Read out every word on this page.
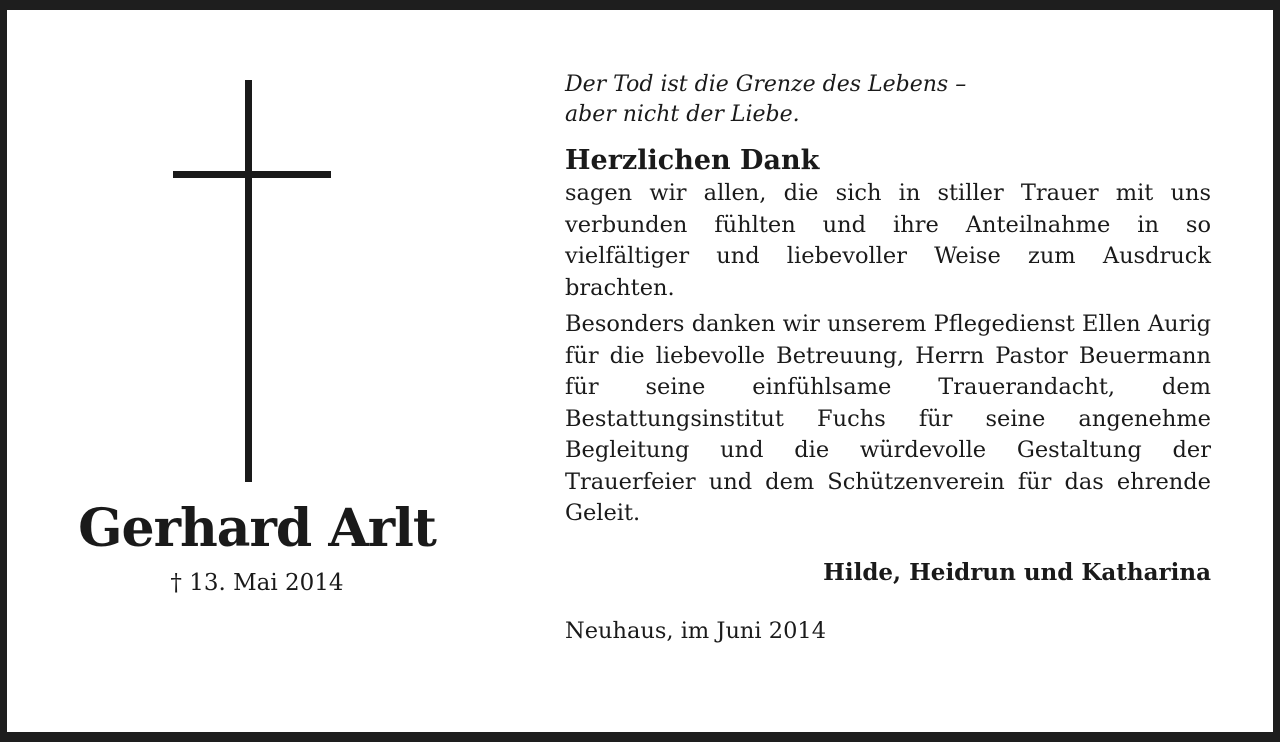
Gerhard Arlt
† 13. Mai 2014

Der Tod ist die Grenze des Lebens –
aber nicht der Liebe.

Herzlichen Dank

sagen wir allen, die sich in stiller Trauer mit uns verbunden fühlten und ihre Anteilnahme in so vielfältiger und liebevoller Weise zum Ausdruck brachten.

Besonders danken wir unserem Pflegedienst Ellen Aurig für die liebevolle Betreuung, Herrn Pastor Beuermann für seine einfühlsame Trauerandacht, dem Bestattungsinstitut Fuchs für seine angenehme Begleitung und die würdevolle Gestaltung der Trauerfeier und dem Schützenverein für das ehrende Geleit.

Hilde, Heidrun und Katharina

Neuhaus, im Juni 2014
